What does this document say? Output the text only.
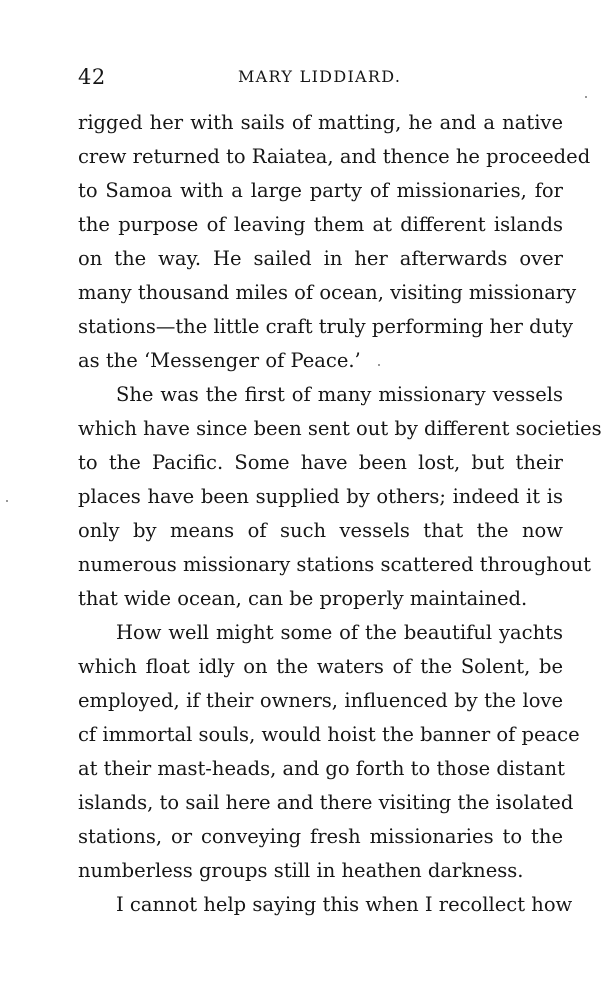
42	MARY LIDDIARD.
rigged her with sails of matting, he and a native
crew returned to Raiatea, and thence he proceeded
to Samoa with a large party of missionaries, for
the purpose of leaving them at different islands
on the way. He sailed in her afterwards over
many thousand miles of ocean, visiting missionary
stations—the little craft truly performing her duty
as the ‘Messenger of Peace.’
She was the first of many missionary vessels
which have since been sent out by different societies
to the Pacific. Some have been lost, but their
places have been supplied by others; indeed it is
only by means of such vessels that the now
numerous missionary stations scattered throughout
that wide ocean, can be properly maintained.
How well might some of the beautiful yachts
which float idly on the waters of the Solent, be
employed, if their owners, influenced by the love
cf immortal souls, would hoist the banner of peace
at their mast-heads, and go forth to those distant
islands, to sail here and there visiting the isolated
stations, or conveying fresh missionaries to the
numberless groups still in heathen darkness.
I cannot help saying this when I recollect how
